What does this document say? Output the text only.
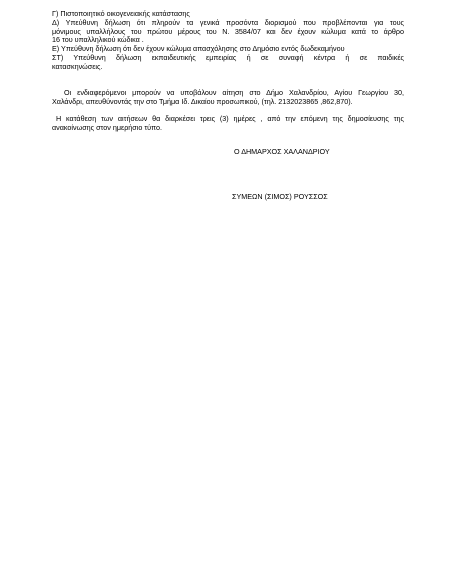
Γ) Πιστοποιητικό οικογενειακής κατάστασης
Δ) Υπεύθυνη δήλωση ότι πληρούν τα γενικά προσόντα διορισμού που προβλέπονται για τους
μόνιμους υπαλλήλους του πρώτου μέρους του Ν. 3584/07 και δεν έχουν κώλυμα κατά το άρθρο
16 του υπαλληλικού κώδικα .
Ε) Υπεύθυνη δήλωση ότι δεν έχουν κώλυμα απασχόλησης στο Δημόσιο εντός δωδεκαμήνου
ΣΤ) Υπεύθυνη δήλωση εκπαιδευτικής εμπειρίας ή σε συναφή κέντρα ή σε παιδικές
κατασκηνώσεις.
Οι ενδιαφερόμενοι μπορούν να υποβάλουν αίτηση στο Δήμο Χαλανδρίου, Αγίου Γεωργίου 30,
Χαλάνδρι, απευθύνοντάς την στο Τμήμα Ιδ. Δικαίου προσωπικού, (τηλ. 2132023865 ,862,870).
Η κατάθεση των αιτήσεων θα διαρκέσει τρεις (3) ημέρες , από την επόμενη της δημοσίευσης της
ανακοίνωσης στον ημερήσιο τύπο.
Ο ΔΗΜΑΡΧΟΣ ΧΑΛΑΝΔΡΙΟΥ
ΣΥΜΕΩΝ (ΣΙΜΟΣ) ΡΟΥΣΣΟΣ
